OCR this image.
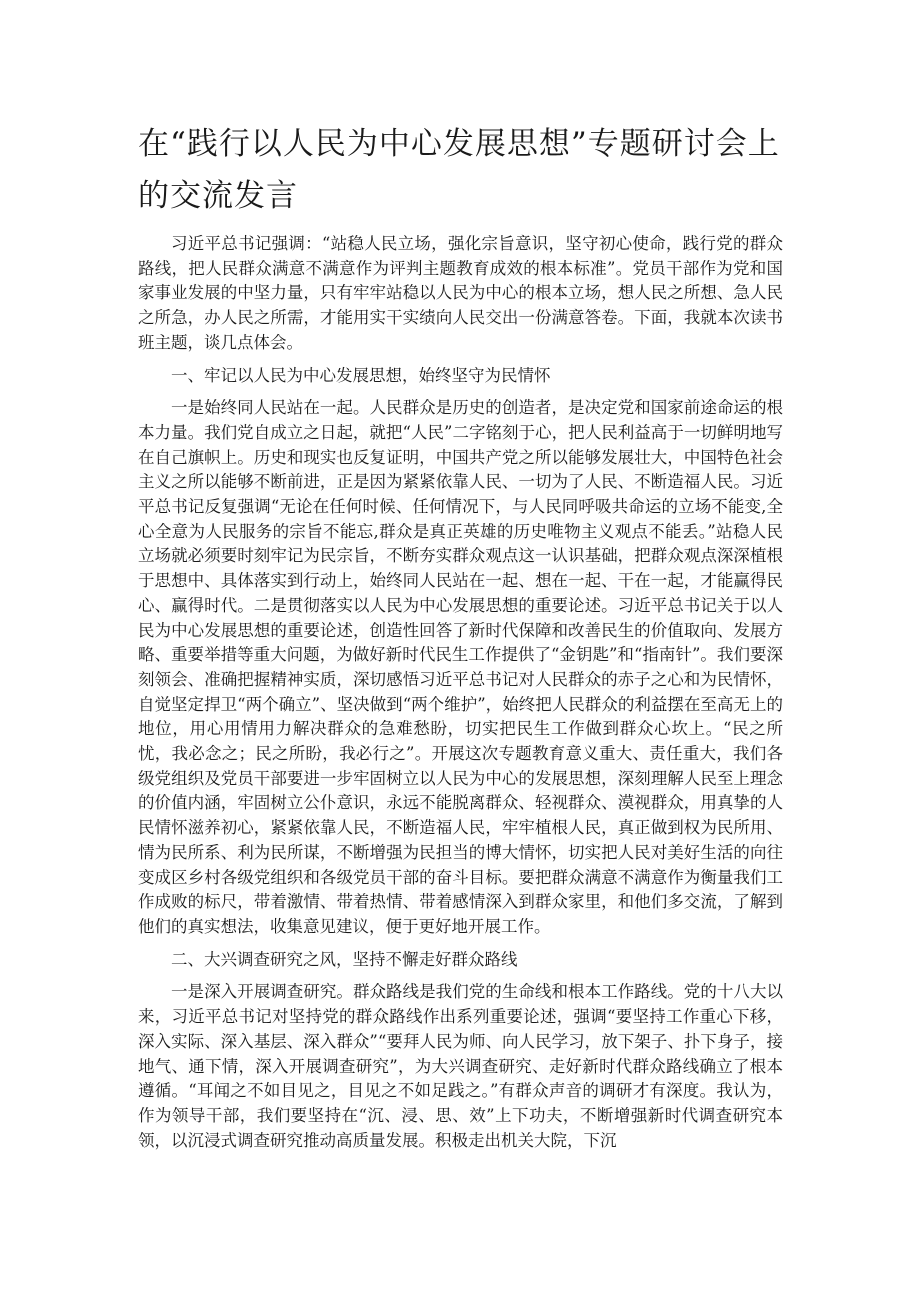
在“践行以人民为中心发展思想”专题研讨会上的交流发言

习近平总书记强调：“站稳人民立场，强化宗旨意识，坚守初心使命，践行党的群众路线，把人民群众满意不满意作为评判主题教育成效的根本标准”。党员干部作为党和国家事业发展的中坚力量，只有牢牢站稳以人民为中心的根本立场，想人民之所想、急人民之所急，办人民之所需，才能用实干实绩向人民交出一份满意答卷。下面，我就本次读书班主题，谈几点体会。

一、牢记以人民为中心发展思想，始终坚守为民情怀

一是始终同人民站在一起。人民群众是历史的创造者，是决定党和国家前途命运的根本力量。我们党自成立之日起，就把“人民”二字铭刻于心，把人民利益高于一切鲜明地写在自己旗帜上。历史和现实也反复证明，中国共产党之所以能够发展壮大，中国特色社会主义之所以能够不断前进，正是因为紧紧依靠人民、一切为了人民、不断造福人民。习近平总书记反复强调“无论在任何时候、任何情况下，与人民同呼吸共命运的立场不能变,全心全意为人民服务的宗旨不能忘,群众是真正英雄的历史唯物主义观点不能丢。”站稳人民立场就必须要时刻牢记为民宗旨，不断夯实群众观点这一认识基础，把群众观点深深植根于思想中、具体落实到行动上，始终同人民站在一起、想在一起、干在一起，才能赢得民心、赢得时代。二是贯彻落实以人民为中心发展思想的重要论述。习近平总书记关于以人民为中心发展思想的重要论述，创造性回答了新时代保障和改善民生的价值取向、发展方略、重要举措等重大问题，为做好新时代民生工作提供了“金钥匙”和“指南针”。我们要深刻领会、准确把握精神实质，深切感悟习近平总书记对人民群众的赤子之心和为民情怀，自觉坚定捍卫“两个确立”、坚决做到“两个维护”，始终把人民群众的利益摆在至高无上的地位，用心用情用力解决群众的急难愁盼，切实把民生工作做到群众心坎上。“民之所忧，我必念之；民之所盼，我必行之”。开展这次专题教育意义重大、责任重大，我们各级党组织及党员干部要进一步牢固树立以人民为中心的发展思想，深刻理解人民至上理念的价值内涵，牢固树立公仆意识，永远不能脱离群众、轻视群众、漠视群众，用真挚的人民情怀滋养初心，紧紧依靠人民，不断造福人民，牢牢植根人民，真正做到权为民所用、情为民所系、利为民所谋，不断增强为民担当的博大情怀，切实把人民对美好生活的向往变成区乡村各级党组织和各级党员干部的奋斗目标。要把群众满意不满意作为衡量我们工作成败的标尺，带着激情、带着热情、带着感情深入到群众家里，和他们多交流，了解到他们的真实想法，收集意见建议，便于更好地开展工作。

二、大兴调查研究之风，坚持不懈走好群众路线

一是深入开展调查研究。群众路线是我们党的生命线和根本工作路线。党的十八大以来，习近平总书记对坚持党的群众路线作出系列重要论述，强调“要坚持工作重心下移，深入实际、深入基层、深入群众”“要拜人民为师、向人民学习，放下架子、扑下身子，接地气、通下情，深入开展调查研究”，为大兴调查研究、走好新时代群众路线确立了根本遵循。“耳闻之不如目见之，目见之不如足践之。”有群众声音的调研才有深度。我认为，作为领导干部，我们要坚持在“沉、浸、思、效”上下功夫，不断增强新时代调查研究本领，以沉浸式调查研究推动高质量发展。积极走出机关大院，下沉
